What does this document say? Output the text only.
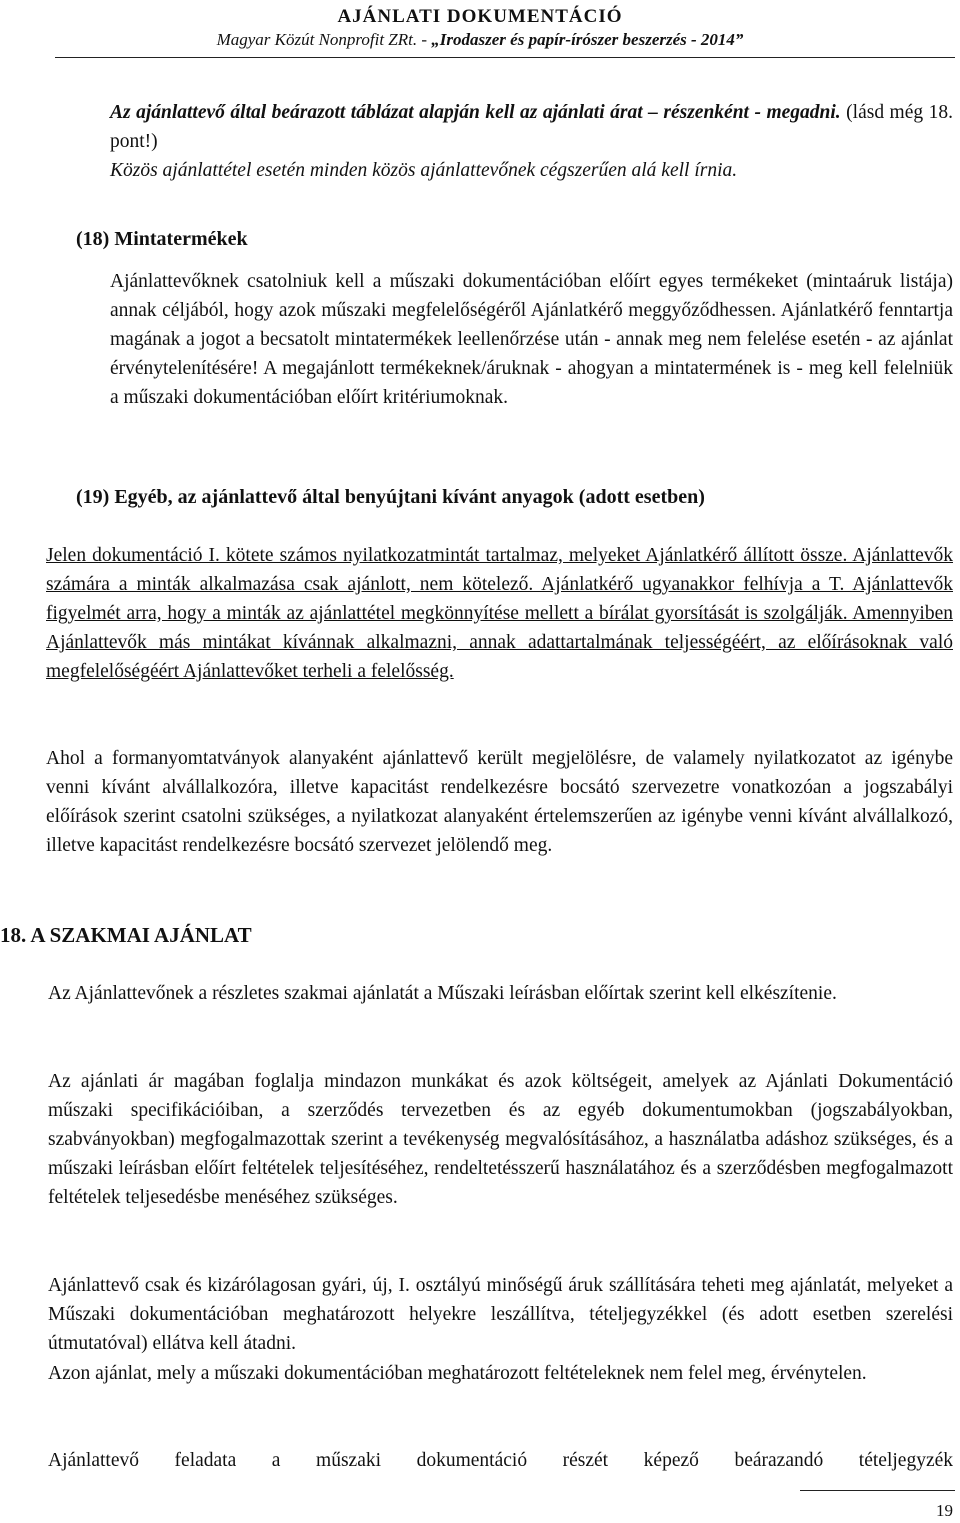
AJÁNLATI DOKUMENTÁCIÓ
Magyar Közút Nonprofit ZRt. - „Irodaszer és papír-írószer beszerzés - 2014”

Az ajánlattevő által beárazott táblázat alapján kell az ajánlati árat – részenként - megadni. (lásd még 18. pont!)

Közös ajánlattétel esetén minden közös ajánlattevőnek cégszerűen alá kell írnia.

(18) Mintatermékek

Ajánlattevőknek csatolniuk kell a műszaki dokumentációban előírt egyes termékeket (mintaáruk listája) annak céljából, hogy azok műszaki megfelelőségéről Ajánlatkérő meggyőződhessen. Ajánlatkérő fenntartja magának a jogot a becsatolt mintatermékek leellenőrzése után - annak meg nem felelése esetén - az ajánlat érvénytelenítésére! A megajánlott termékeknek/áruknak - ahogyan a mintatermének is - meg kell felelniük a műszaki dokumentációban előírt kritériumoknak.

(19) Egyéb, az ajánlattevő által benyújtani kívánt anyagok (adott esetben)

Jelen dokumentáció I. kötete számos nyilatkozatmintát tartalmaz, melyeket Ajánlatkérő állított össze. Ajánlattevők számára a minták alkalmazása csak ajánlott, nem kötelező. Ajánlatkérő ugyanakkor felhívja a T. Ajánlattevők figyelmét arra, hogy a minták az ajánlattétel megkönnyítése mellett a bírálat gyorsítását is szolgálják. Amennyiben Ajánlattevők más mintákat kívánnak alkalmazni, annak adattartalmának teljességéért, az előírásoknak való megfelelőségéért Ajánlattevőket terheli a felelősség.

Ahol a formanyomtatványok alanyaként ajánlattevő került megjelölésre, de valamely nyilatkozatot az igénybe venni kívánt alvállalkozóra, illetve kapacitást rendelkezésre bocsátó szervezetre vonatkozóan a jogszabályi előírások szerint csatolni szükséges, a nyilatkozat alanyaként értelemszerűen az igénybe venni kívánt alvállalkozó, illetve kapacitást rendelkezésre bocsátó szervezet jelölendő meg.

18. A SZAKMAI AJÁNLAT

Az Ajánlattevőnek a részletes szakmai ajánlatát a Műszaki leírásban előírtak szerint kell elkészítenie.

Az ajánlati ár magában foglalja mindazon munkákat és azok költségeit, amelyek az Ajánlati Dokumentáció műszaki specifikációiban, a szerződés tervezetben és az egyéb dokumentumokban (jogszabályokban, szabványokban) megfogalmazottak szerint a tevékenység megvalósításához, a használatba adáshoz szükséges, és a műszaki leírásban előírt feltételek teljesítéséhez, rendeltetésszerű használatához és a szerződésben megfogalmazott feltételek teljesedésbe menéséhez szükséges.

Ajánlattevő csak és kizárólagosan gyári, új, I. osztályú minőségű áruk szállítására teheti meg ajánlatát, melyeket a Műszaki dokumentációban meghatározott helyekre leszállítva, tételjegyzékkel (és adott esetben szerelési útmutatóval) ellátva kell átadni.

Azon ajánlat, mely a műszaki dokumentációban meghatározott feltételeknek nem felel meg, érvénytelen.

Ajánlattevő feladata a műszaki dokumentáció részét képező beárazandó tételjegyzék

19
